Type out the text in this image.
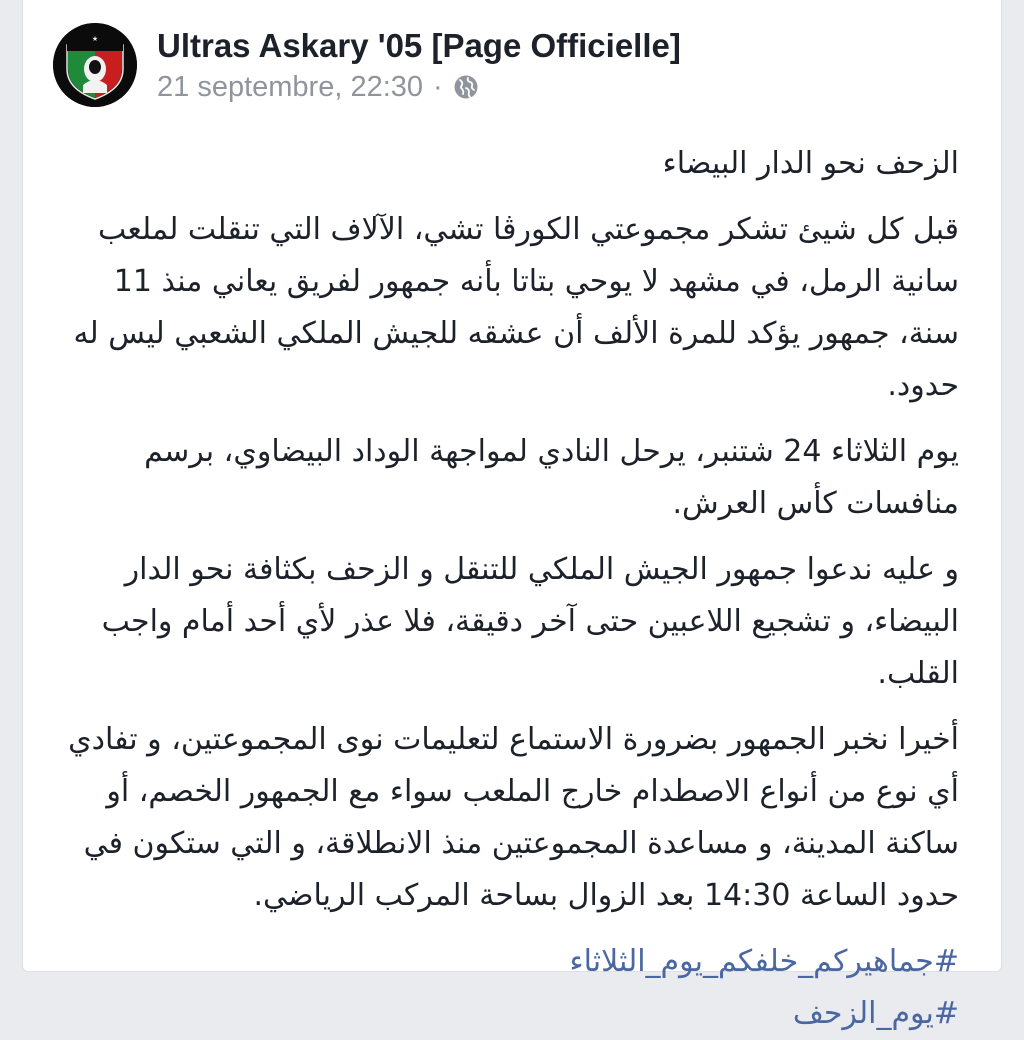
★ Ultras Askary '05 [Page Officielle]
21 septembre, 22:30 ·

الزحف نحو الدار البيضاء

قبل كل شيئ تشكر مجموعتي الكورڤا تشي، الآلاف التي تنقلت لملعب سانية الرمل، في مشهد لا يوحي بتاتا بأنه جمهور لفريق يعاني منذ 11 سنة، جمهور يؤكد للمرة الألف أن عشقه للجيش الملكي الشعبي ليس له حدود.

يوم الثلاثاء 24 شتنبر، يرحل النادي لمواجهة الوداد البيضاوي، برسم منافسات كأس العرش.

و عليه ندعوا جمهور الجيش الملكي للتنقل و الزحف بكثافة نحو الدار البيضاء، و تشجيع اللاعبين حتى آخر دقيقة، فلا عذر لأي أحد أمام واجب القلب.

أخيرا نخبر الجمهور بضرورة الاستماع لتعليمات نوى المجموعتين، و تفادي أي نوع من أنواع الاصطدام خارج الملعب سواء مع الجمهور الخصم، أو ساكنة المدينة، و مساعدة المجموعتين منذ الانطلاقة، و التي ستكون في حدود الساعة 14:30 بعد الزوال بساحة المركب الرياضي.

#جماهيركم_خلفكم_يوم_الثلاثاء
#يوم_الزحف
